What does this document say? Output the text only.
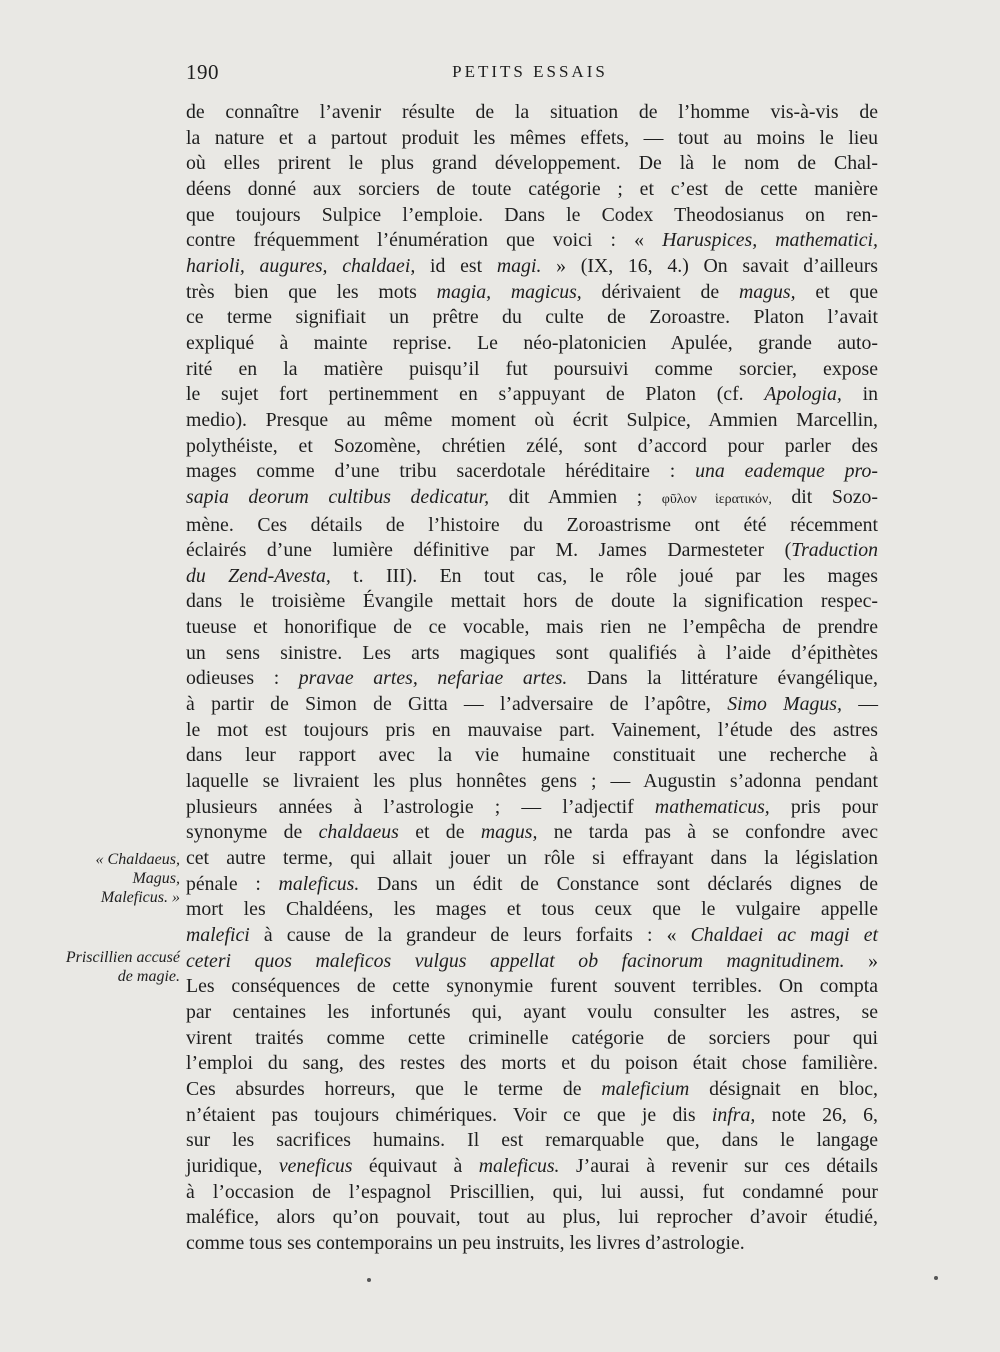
190	PETITS ESSAIS
de connaître l’avenir résulte de la situation de l’homme vis-à-vis de
la nature et a partout produit les mêmes effets, — tout au moins le lieu
où elles prirent le plus grand développement. De là le nom de Chal-
déens donné aux sorciers de toute catégorie ; et c’est de cette manière
que toujours Sulpice l’emploie. Dans le Codex Theodosianus on ren-
contre fréquemment l’énumération que voici : « Haruspices, mathematici,
harioli, augures, chaldaei, id est magi. » (IX, 16, 4.) On savait d’ailleurs
très bien que les mots magia, magicus, dérivaient de magus, et que
ce terme signifiait un prêtre du culte de Zoroastre. Platon l’avait
expliqué à mainte reprise. Le néo-platonicien Apulée, grande auto-
rité en la matière puisqu’il fut poursuivi comme sorcier, expose
le sujet fort pertinemment en s’appuyant de Platon (cf. Apologia, in
medio). Presque au même moment où écrit Sulpice, Ammien Marcellin,
polythéiste, et Sozomène, chrétien zélé, sont d’accord pour parler des
mages comme d’une tribu sacerdotale héréditaire : una eademque pro-
sapia deorum cultibus dedicatur, dit Ammien ; φῦλον ἱερατικόν, dit Sozo-
mène. Ces détails de l’histoire du Zoroastrisme ont été récemment
éclairés d’une lumière définitive par M. James Darmesteter (Traduction
du Zend-Avesta, t. III). En tout cas, le rôle joué par les mages
dans le troisième Évangile mettait hors de doute la signification respec-
tueuse et honorifique de ce vocable, mais rien ne l’empêcha de prendre
un sens sinistre. Les arts magiques sont qualifiés à l’aide d’épithètes
odieuses : pravae artes, nefariae artes. Dans la littérature évangélique,
à partir de Simon de Gitta — l’adversaire de l’apôtre, Simo Magus, —
le mot est toujours pris en mauvaise part. Vainement, l’étude des astres
dans leur rapport avec la vie humaine constituait une recherche à
laquelle se livraient les plus honnêtes gens ; — Augustin s’adonna pendant
plusieurs années à l’astrologie ; — l’adjectif mathematicus, pris pour
synonyme de chaldaeus et de magus, ne tarda pas à se confondre avec
cet autre terme, qui allait jouer un rôle si effrayant dans la législation
pénale : maleficus. Dans un édit de Constance sont déclarés dignes de
mort les Chaldéens, les mages et tous ceux que le vulgaire appelle
malefici à cause de la grandeur de leurs forfaits : « Chaldaei ac magi et
ceteri quos maleficos vulgus appellat ob facinorum magnitudinem. »
Les conséquences de cette synonymie furent souvent terribles. On compta
par centaines les infortunés qui, ayant voulu consulter les astres, se
virent traités comme cette criminelle catégorie de sorciers pour qui
l’emploi du sang, des restes des morts et du poison était chose familière.
Ces absurdes horreurs, que le terme de maleficium désignait en bloc,
n’étaient pas toujours chimériques. Voir ce que je dis infra, note 26, 6,
sur les sacrifices humains. Il est remarquable que, dans le langage
juridique, veneficus équivaut à maleficus. J’aurai à revenir sur ces détails
à l’occasion de l’espagnol Priscillien, qui, lui aussi, fut condamné pour
maléfice, alors qu’on pouvait, tout au plus, lui reprocher d’avoir étudié,
comme tous ses contemporains un peu instruits, les livres d’astrologie.
« Chaldaeus,
Magus,
Maleficus. »
Priscillien accusé
de magie.
